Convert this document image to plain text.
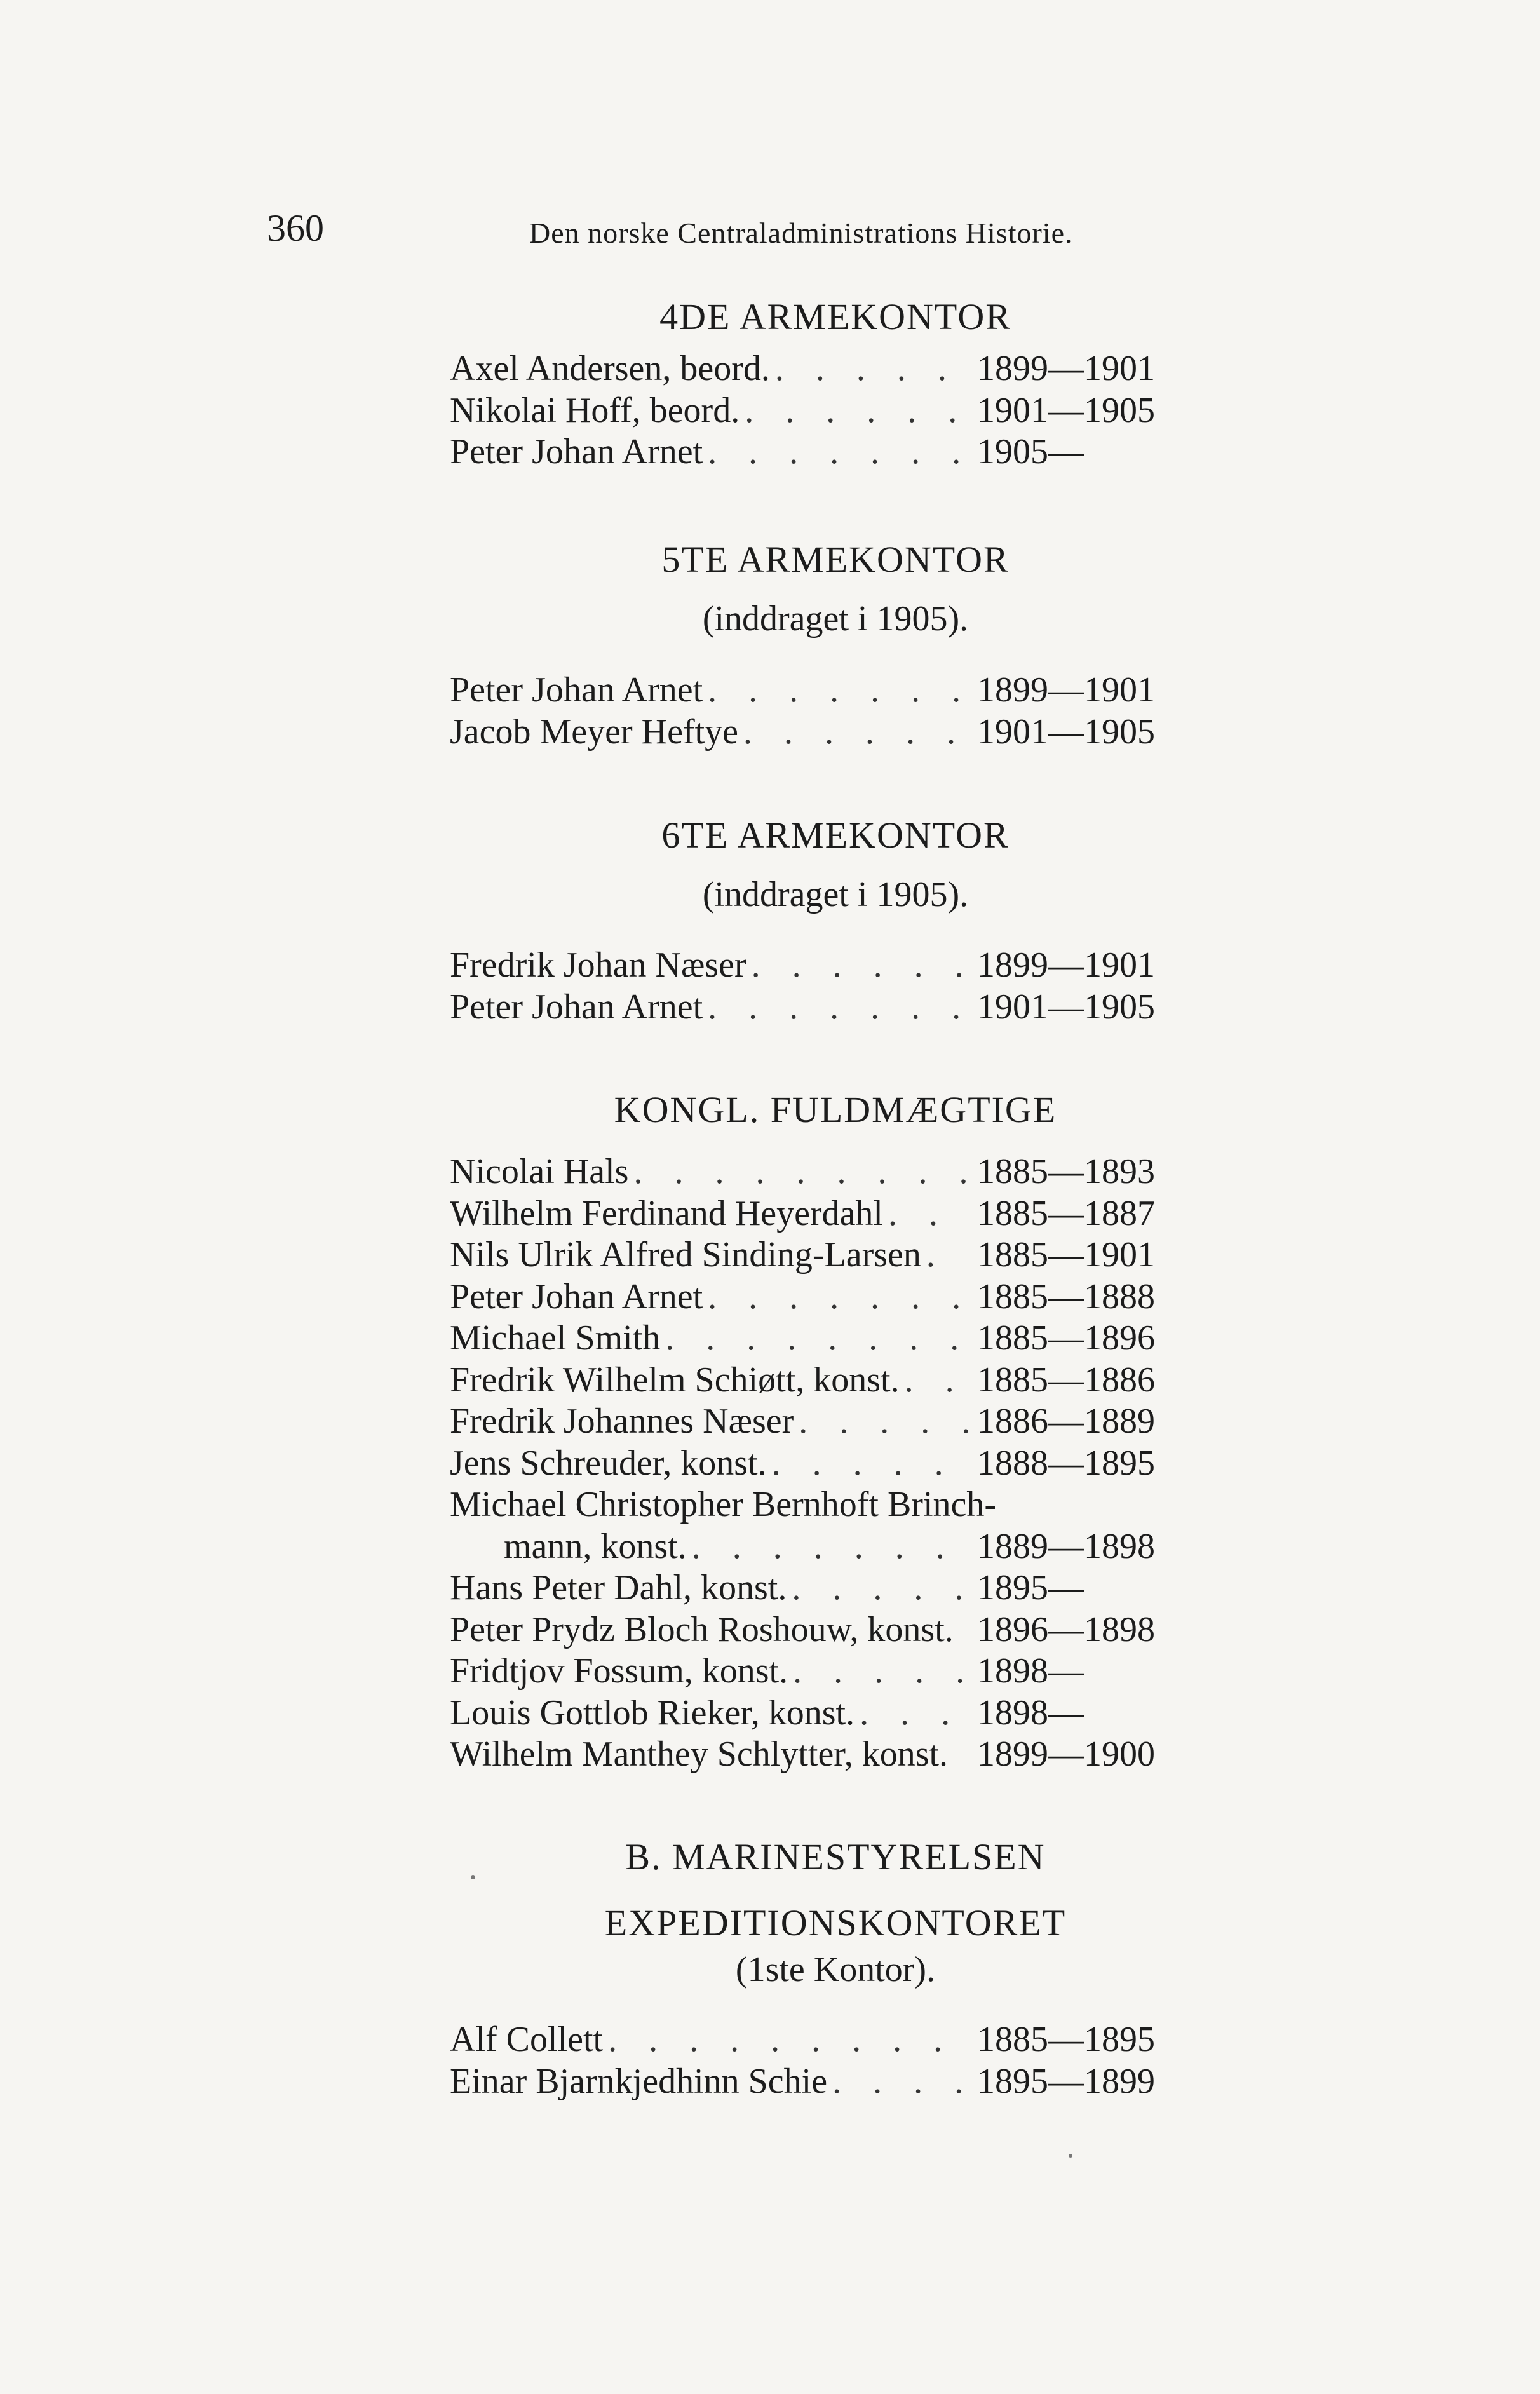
360	Den norske Centraladministrations Historie.
4DE ARMEKONTOR
Axel Andersen, beord. . . .	1899—1901
Nikolai Hoff, beord. . . .	1901—1905
Peter Johan Arnet . . .	1905—
5TE ARMEKONTOR
(inddraget i 1905).
Peter Johan Arnet . . .	1899—1901
Jacob Meyer Heftye . . .	1901—1905
6TE ARMEKONTOR
(inddraget i 1905).
Fredrik Johan Næser . . .	1899—1901
Peter Johan Arnet . . .	1901—1905
KONGL. FULDMÆGTIGE
Nicolai Hals . . .	1885—1893
Wilhelm Ferdinand Heyerdahl . . .	1885—1887
Nils Ulrik Alfred Sinding-Larsen . . . 1885—1901
Peter Johan Arnet . . .	1885—1888
Michael Smith . . .	1885—1896
Fredrik Wilhelm Schiøtt, konst. . . . 1885—1886
Fredrik Johannes Næser . . .	1886—1889
Jens Schreuder, konst. . . .	1888—1895
Michael Christopher Bernhoft Brinch-
mann, konst. . . .	1889—1898
Hans Peter Dahl, konst. . . .	1895—
Peter Prydz Bloch Roshouw, konst. 1896—1898
Fridtjov Fossum, konst. . . .	1898—
Louis Gottlob Rieker, konst. . . .	1898—
Wilhelm Manthey Schlytter, konst. 1899—1900
B. MARINESTYRELSEN
EXPEDITIONSKONTORET
(1ste Kontor).
Alf Collett . . .	1885—1895
Einar Bjarnkjedhinn Schie . . .	1895—1899
